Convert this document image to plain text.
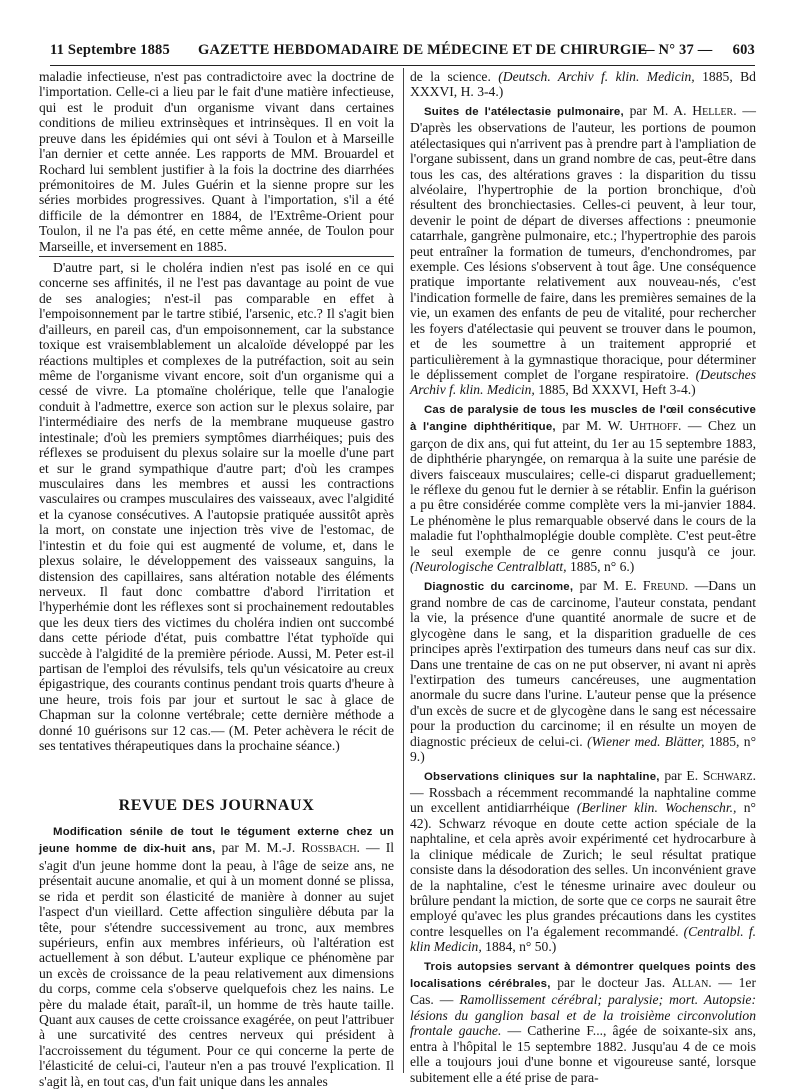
11 Septembre 1885 GAZETTE HEBDOMADAIRE DE MÉDECINE ET DE CHIRURGIE
— N° 37 — 603

maladie infectieuse, n'est pas contradictoire avec la doctrine de l'importation. Celle-ci a lieu par le fait d'une matière infectieuse, qui est le produit d'un organisme vivant dans certaines conditions de milieu extrinsèques et intrinsèques. Il en voit la preuve dans les épidémies qui ont sévi à Toulon et à Marseille l'an dernier et cette année. Les rapports de MM. Brouardel et Rochard lui semblent justifier à la fois la doctrine des diarrhées prémonitoires de M. Jules Guérin et la sienne propre sur les séries morbides progressives. Quant à l'importation, s'il a été difficile de la démontrer en 1884, de l'Extrême-Orient pour Toulon, il ne l'a pas été, en cette même année, de Toulon pour Marseille, et inversement en 1885.

D'autre part, si le choléra indien n'est pas isolé en ce qui concerne ses affinités, il ne l'est pas davantage au point de vue de ses analogies; n'est-il pas comparable en effet à l'empoisonnement par le tartre stibié, l'arsenic, etc.? Il s'agit bien d'ailleurs, en pareil cas, d'un empoisonnement, car la substance toxique est vraisemblablement un alcaloïde développé par les réactions multiples et complexes de la putréfaction, soit au sein même de l'organisme vivant encore, soit d'un organisme qui a cessé de vivre. La ptomaïne cholérique, telle que l'analogie conduit à l'admettre, exerce son action sur le plexus solaire, par l'intermédiaire des nerfs de la membrane muqueuse gastro intestinale; d'où les premiers symptômes diarrhéiques; puis des réflexes se produisent du plexus solaire sur la moelle d'une part et sur le grand sympathique d'autre part; d'où les crampes musculaires dans les membres et aussi les contractions vasculaires ou crampes musculaires des vaisseaux, avec l'algidité et la cyanose consécutives. A l'autopsie pratiquée aussitôt après la mort, on constate une injection très vive de l'estomac, de l'intestin et du foie qui est augmenté de volume, et, dans le plexus solaire, le développement des vaisseaux sanguins, la distension des capillaires, sans altération notable des éléments nerveux. Il faut donc combattre d'abord l'irritation et l'hyperhémie dont les réflexes sont si prochainement redoutables que les deux tiers des victimes du choléra indien ont succombé dans cette période d'état, puis combattre l'état typhoïde qui succède à l'algidité de la première période. Aussi, M. Peter est-il partisan de l'emploi des révulsifs, tels qu'un vésicatoire au creux épigastrique, des courants continus pendant trois quarts d'heure à une heure, trois fois par jour et surtout le sac à glace de Chapman sur la colonne vertébrale; cette dernière méthode a donné 10 guérisons sur 12 cas.— (M. Peter achèvera le récit de ses tentatives thérapeutiques dans la prochaine séance.)

REVUE DES JOURNAUX

Modification sénile de tout le tégument externe chez un jeune homme de dix-huit ans, par M. M.-J. Rossbach. — Il s'agit d'un jeune homme dont la peau, à l'âge de seize ans, ne présentait aucune anomalie, et qui à un moment donné se plissa, se rida et perdit son élasticité de manière à donner au sujet l'aspect d'un vieillard. Cette affection singulière débuta par la tête, pour s'étendre successivement au tronc, aux membres supérieurs, enfin aux membres inférieurs, où l'altération est actuellement à son début. L'auteur explique ce phénomène par un excès de croissance de la peau relativement aux dimensions du corps, comme cela s'observe quelquefois chez les nains. Le père du malade était, paraît-il, un homme de très haute taille. Quant aux causes de cette croissance exagérée, on peut l'attribuer à une surcativité des centres nerveux qui président à l'accroissement du tégument. Pour ce qui concerne la perte de l'élasticité de celui-ci, l'auteur n'en a pas trouvé l'explication. Il s'agit là, en tout cas, d'un fait unique dans les annales

de la science. (Deutsch. Archiv f. klin. Medicin, 1885, Bd XXXVI, H. 3-4.)

Suites de l'atélectasie pulmonaire, par M. A. Heller. — D'après les observations de l'auteur, les portions de poumon atélectasiques qui n'arrivent pas à prendre part à l'ampliation de l'organe subissent, dans un grand nombre de cas, peut-être dans tous les cas, des altérations graves : la disparition du tissu alvéolaire, l'hypertrophie de la portion bronchique, d'où résultent des bronchiectasies. Celles-ci peuvent, à leur tour, devenir le point de départ de diverses affections : pneumonie catarrhale, gangrène pulmonaire, etc.; l'hypertrophie des parois peut entraîner la formation de tumeurs, d'enchondromes, par exemple. Ces lésions s'observent à tout âge. Une conséquence pratique importante relativement aux nouveau-nés, c'est l'indication formelle de faire, dans les premières semaines de la vie, un examen des enfants de peu de vitalité, pour rechercher les foyers d'atélectasie qui peuvent se trouver dans le poumon, et de les soumettre à un traitement approprié et particulièrement à la gymnastique thoracique, pour déterminer le déplissement complet de l'organe respiratoire. (Deutsches Archiv f. klin. Medicin, 1885, Bd XXXVI, Heft 3-4.)

Cas de paralysie de tous les muscles de l'œil consécutive à l'angine diphthéritique, par M. W. Uhthoff. — Chez un garçon de dix ans, qui fut atteint, du 1er au 15 septembre 1883, de diphthérie pharyngée, on remarqua à la suite une parésie de divers faisceaux musculaires; celle-ci disparut graduellement; le réflexe du genou fut le dernier à se rétablir. Enfin la guérison a pu être considérée comme complète vers la mi-janvier 1884. Le phénomène le plus remarquable observé dans le cours de la maladie fut l'ophthalmoplégie double complète. C'est peut-être le seul exemple de ce genre connu jusqu'à ce jour. (Neurologische Centralblatt, 1885, n° 6.)

Diagnostic du carcinome, par M. E. Freund. —Dans un grand nombre de cas de carcinome, l'auteur constata, pendant la vie, la présence d'une quantité anormale de sucre et de glycogène dans le sang, et la disparition graduelle de ces principes après l'extirpation des tumeurs dans neuf cas sur dix. Dans une trentaine de cas on ne put observer, ni avant ni après l'extirpation des tumeurs cancéreuses, une augmentation anormale du sucre dans l'urine. L'auteur pense que la présence d'un excès de sucre et de glycogène dans le sang est nécessaire pour la production du carcinome; il en résulte un moyen de diagnostic précieux de celui-ci. (Wiener med. Blätter, 1885, n° 9.)

Observations cliniques sur la naphtaline, par E. Schwarz. — Rossbach a récemment recommandé la naphtaline comme un excellent antidiarrhéique (Berliner klin. Wochenschr., n° 42). Schwarz révoque en doute cette action spéciale de la naphtaline, et cela après avoir expérimenté cet hydrocarbure à la clinique médicale de Zurich; le seul résultat pratique consiste dans la désodoration des selles. Un inconvénient grave de la naphtaline, c'est le ténesme urinaire avec douleur ou brûlure pendant la miction, de sorte que ce corps ne saurait être employé qu'avec les plus grandes précautions dans les cystites contre lesquelles on l'a également recommandé. (Centralbl. f. klin Medicin, 1884, n° 50.)

Trois autopsies servant à démontrer quelques points des localisations cérébrales, par le docteur Jas. Allan. — 1er Cas. — Ramollissement cérébral; paralysie; mort. Autopsie: lésions du ganglion basal et de la troisième circonvolution frontale gauche. — Catherine F..., âgée de soixante-six ans, entra à l'hôpital le 15 septembre 1882. Jusqu'au 4 de ce mois elle a toujours joui d'une bonne et vigoureuse santé, lorsque subitement elle a été prise de para-
